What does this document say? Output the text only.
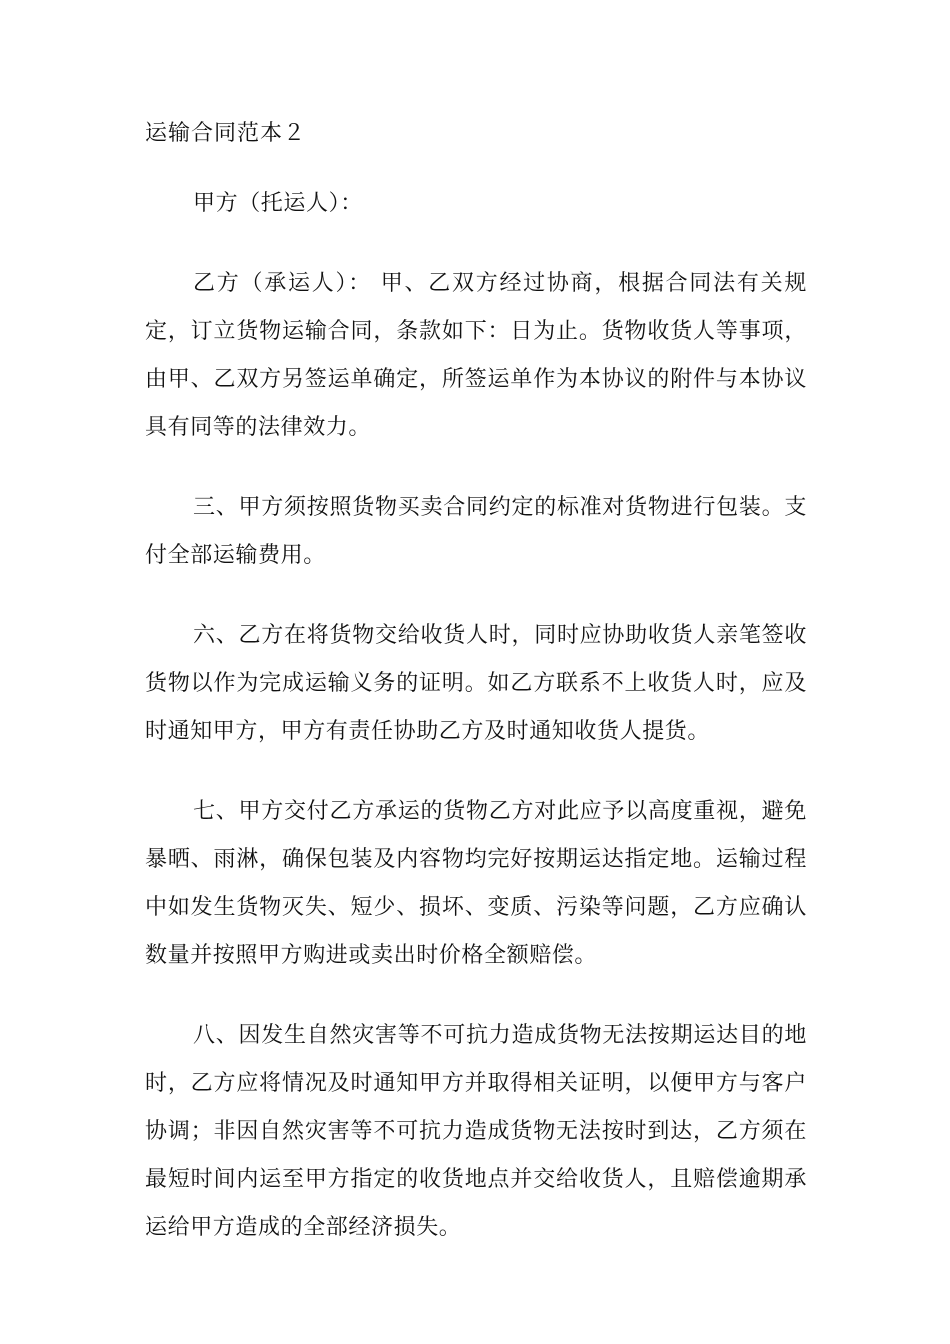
运输合同范本２

甲方（托运人）：

乙方（承运人）： 甲、乙双方经过协商，根据合同法有关规定，订立货物运输合同，条款如下：日为止。货物收货人等事项，由甲、乙双方另签运单确定，所签运单作为本协议的附件与本协议具有同等的法律效力。

三、甲方须按照货物买卖合同约定的标准对货物进行包装。支付全部运输费用。

六、乙方在将货物交给收货人时，同时应协助收货人亲笔签收货物以作为完成运输义务的证明。如乙方联系不上收货人时，应及时通知甲方，甲方有责任协助乙方及时通知收货人提货。

七、甲方交付乙方承运的货物乙方对此应予以高度重视，避免暴晒、雨淋，确保包装及内容物均完好按期运达指定地。运输过程中如发生货物灭失、短少、损坏、变质、污染等问题，乙方应确认数量并按照甲方购进或卖出时价格全额赔偿。

八、因发生自然灾害等不可抗力造成货物无法按期运达目的地时，乙方应将情况及时通知甲方并取得相关证明，以便甲方与客户协调；非因自然灾害等不可抗力造成货物无法按时到达，乙方须在最短时间内运至甲方指定的收货地点并交给收货人，且赔偿逾期承运给甲方造成的全部经济损失。
